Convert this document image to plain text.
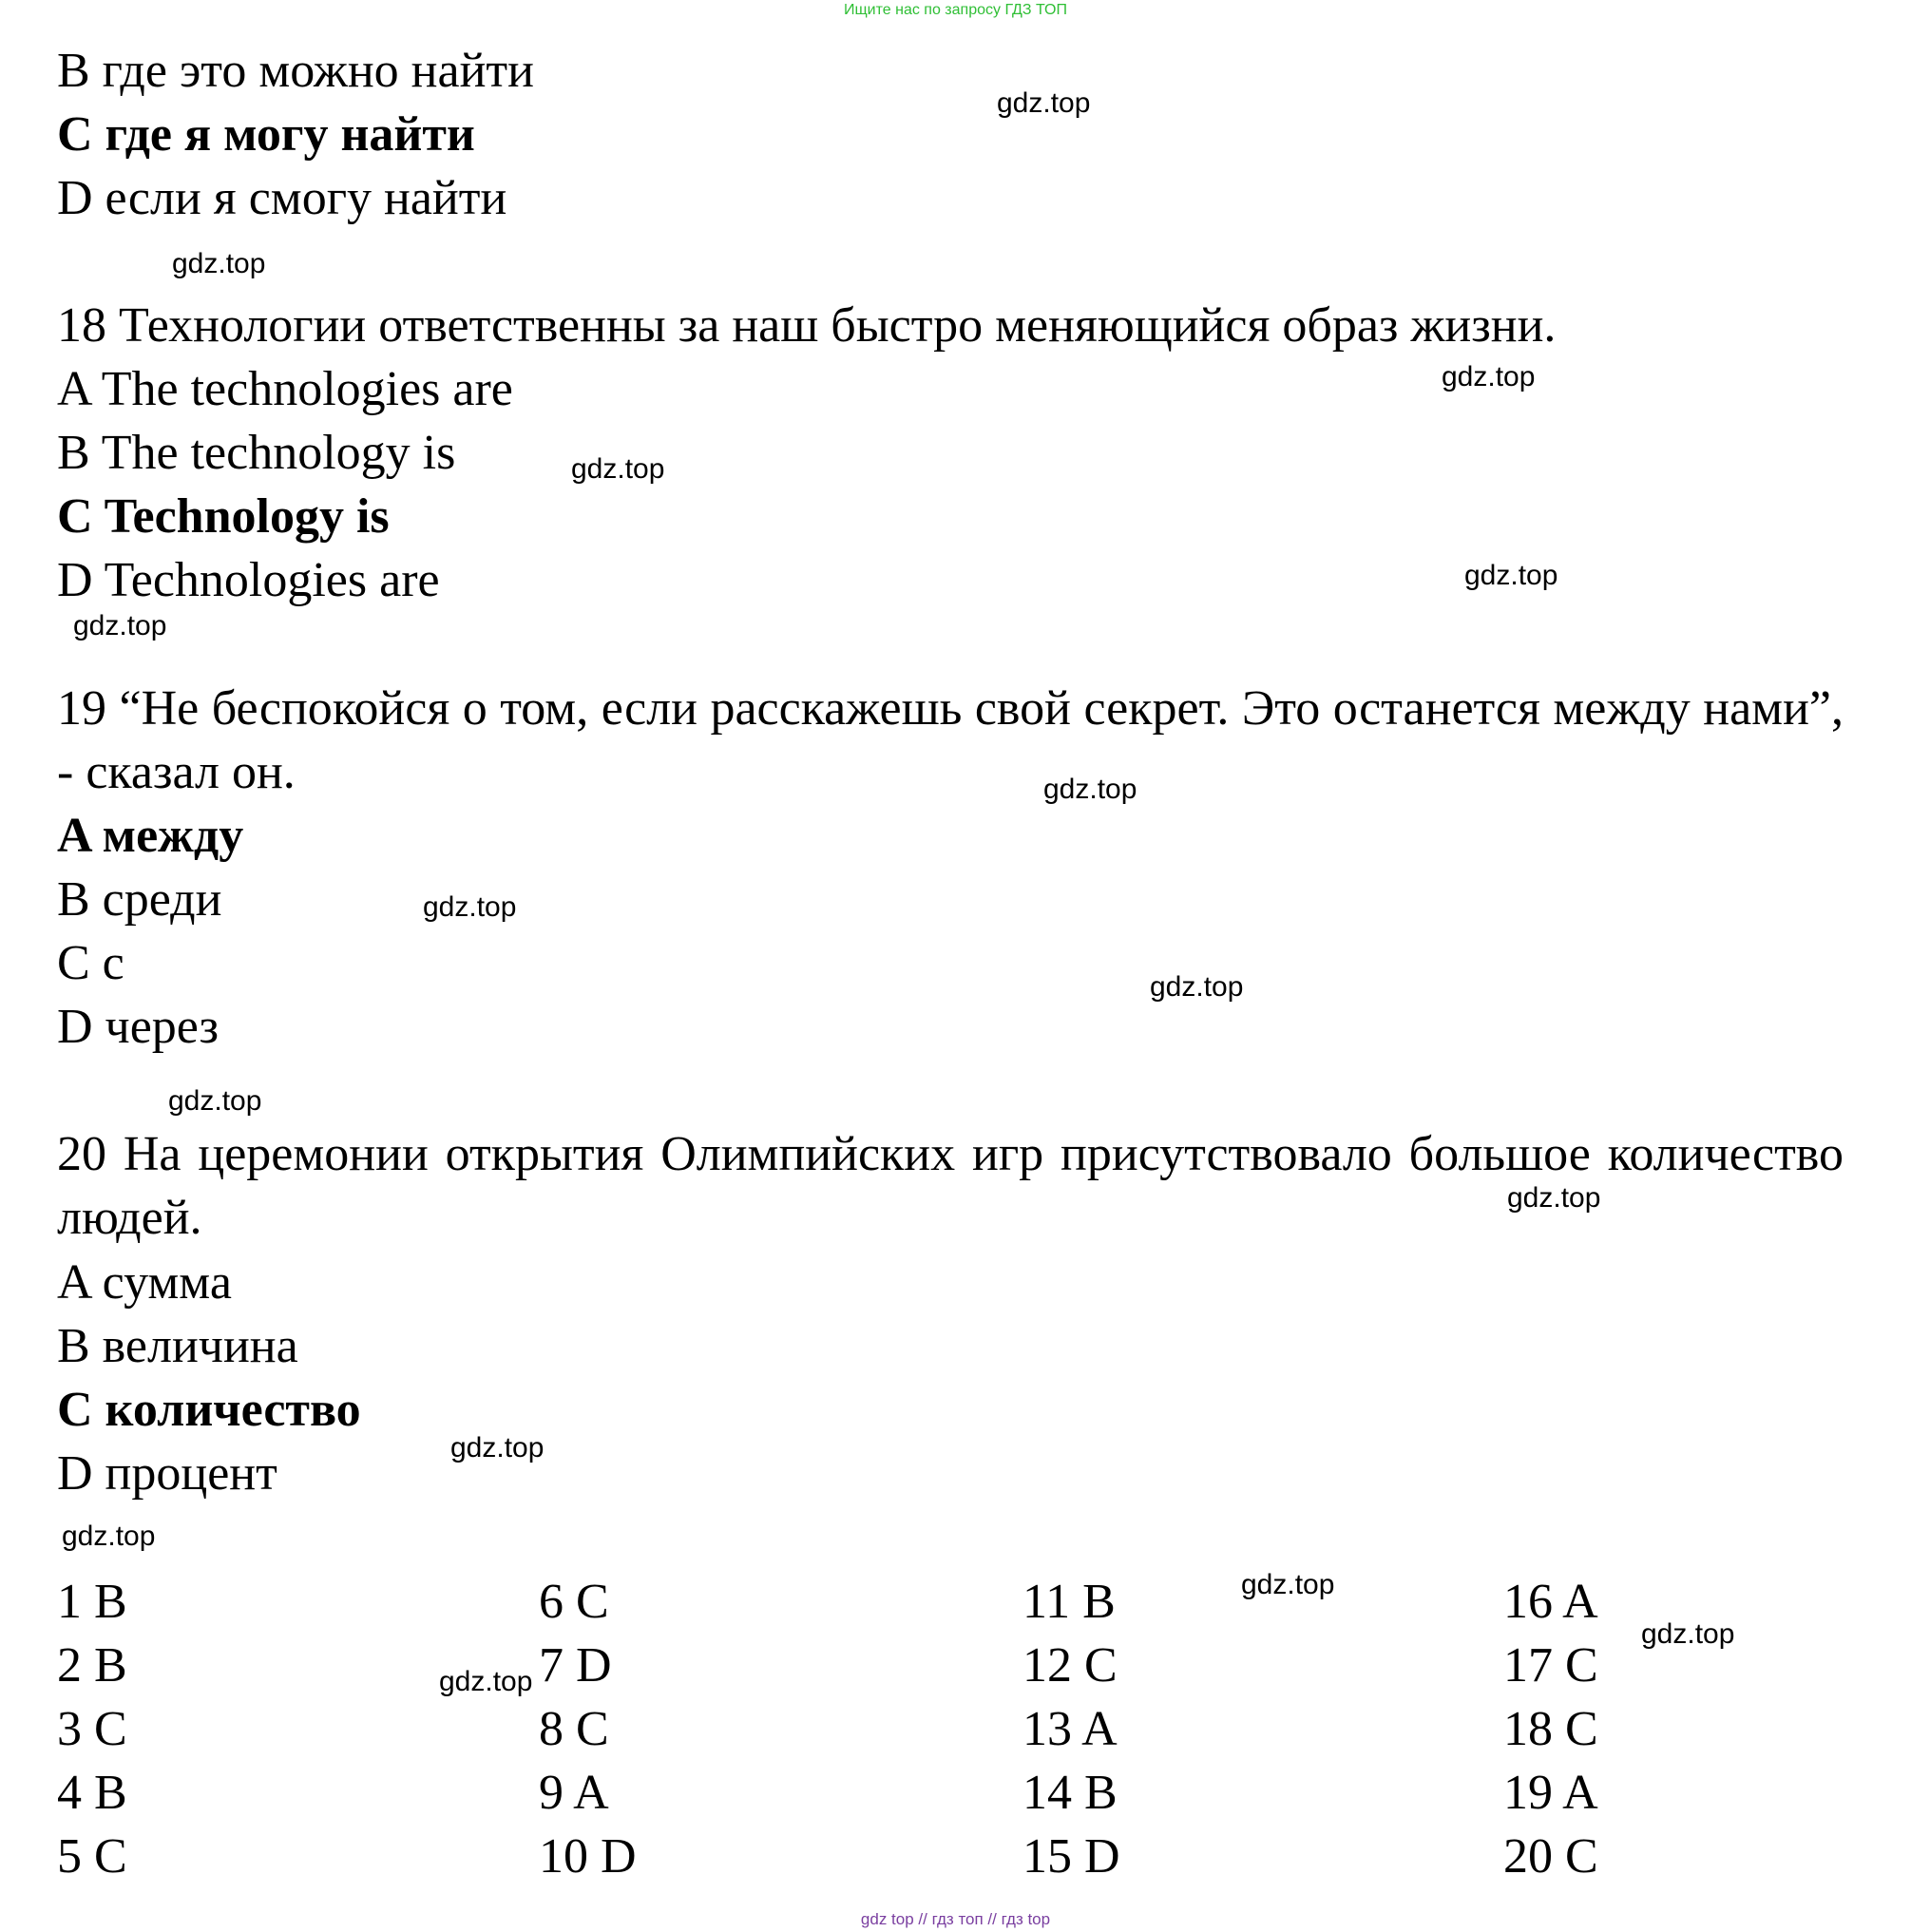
Ищите нас по запросу ГДЗ ТОП
B где это можно найти
C где я могу найти
D если я смогу найти
18 Технологии ответственны за наш быстро меняющийся образ жизни.
A The technologies are
B The technology is
C Technology is
D Technologies are
19 “Не беспокойся о том, если расскажешь свой секрет. Это останется между нами”, - сказал он.
A между
B среди
C с
D через
20 На церемонии открытия Олимпийских игр присутствовало большое количество людей.
A сумма
B величина
C количество
D процент
1 B
2 B
3 C
4 B
5 C
6 C
7 D
8 C
9 A
10 D
11 B
12 C
13 A
14 B
15 D
16 A
17 C
18 C
19 A
20 C
gdz.top
gdz.top
gdz.top
gdz.top
gdz.top
gdz.top
gdz.top
gdz.top
gdz.top
gdz.top
gdz.top
gdz.top
gdz.top
gdz.top
gdz.top
gdz.top
gdz top // гдз топ // гдз top
